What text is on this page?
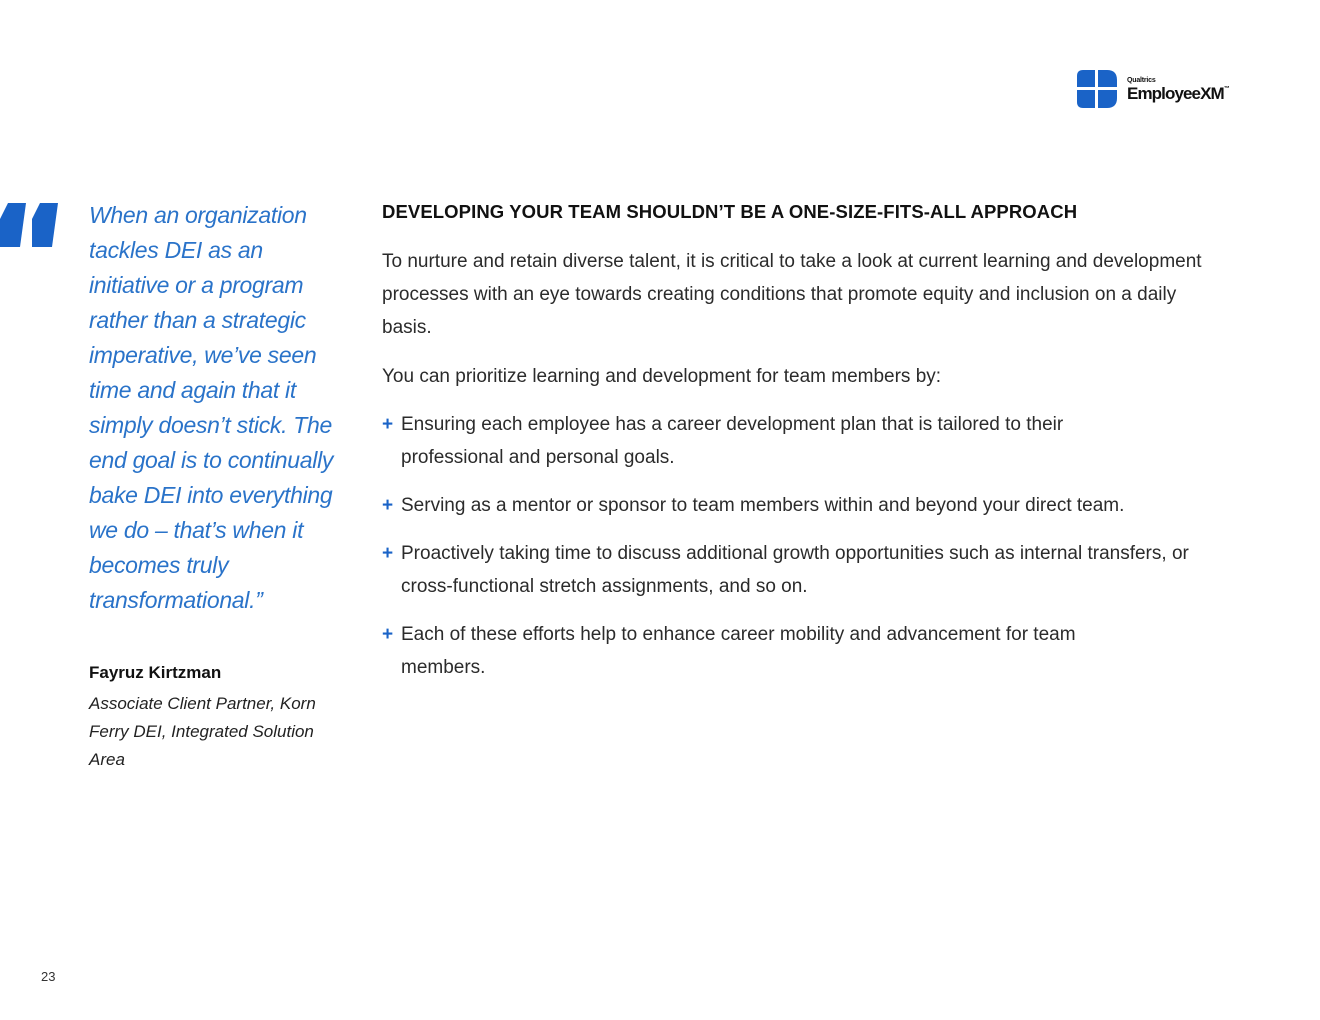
Qualtrics
EmployeeXM™

When an organization tackles DEI as an initiative or a program rather than a strategic imperative, we’ve seen time and again that it simply doesn’t stick. The end goal is to continually bake DEI into everything we do – that’s when it becomes truly transformational.”

Fayruz Kirtzman

Associate Client Partner, Korn Ferry DEI, Integrated Solution Area

DEVELOPING YOUR TEAM SHOULDN’T BE A ONE-SIZE-FITS-ALL APPROACH

To nurture and retain diverse talent, it is critical to take a look at current learning and development processes with an eye towards creating conditions that promote equity and inclusion on a daily basis.

You can prioritize learning and development for team members by:

+ Ensuring each employee has a career development plan that is tailored to their professional and personal goals.
+ Serving as a mentor or sponsor to team members within and beyond your direct team.
+ Proactively taking time to discuss additional growth opportunities such as internal transfers, or cross-functional stretch assignments, and so on.
+ Each of these efforts help to enhance career mobility and advancement for team members.

23
